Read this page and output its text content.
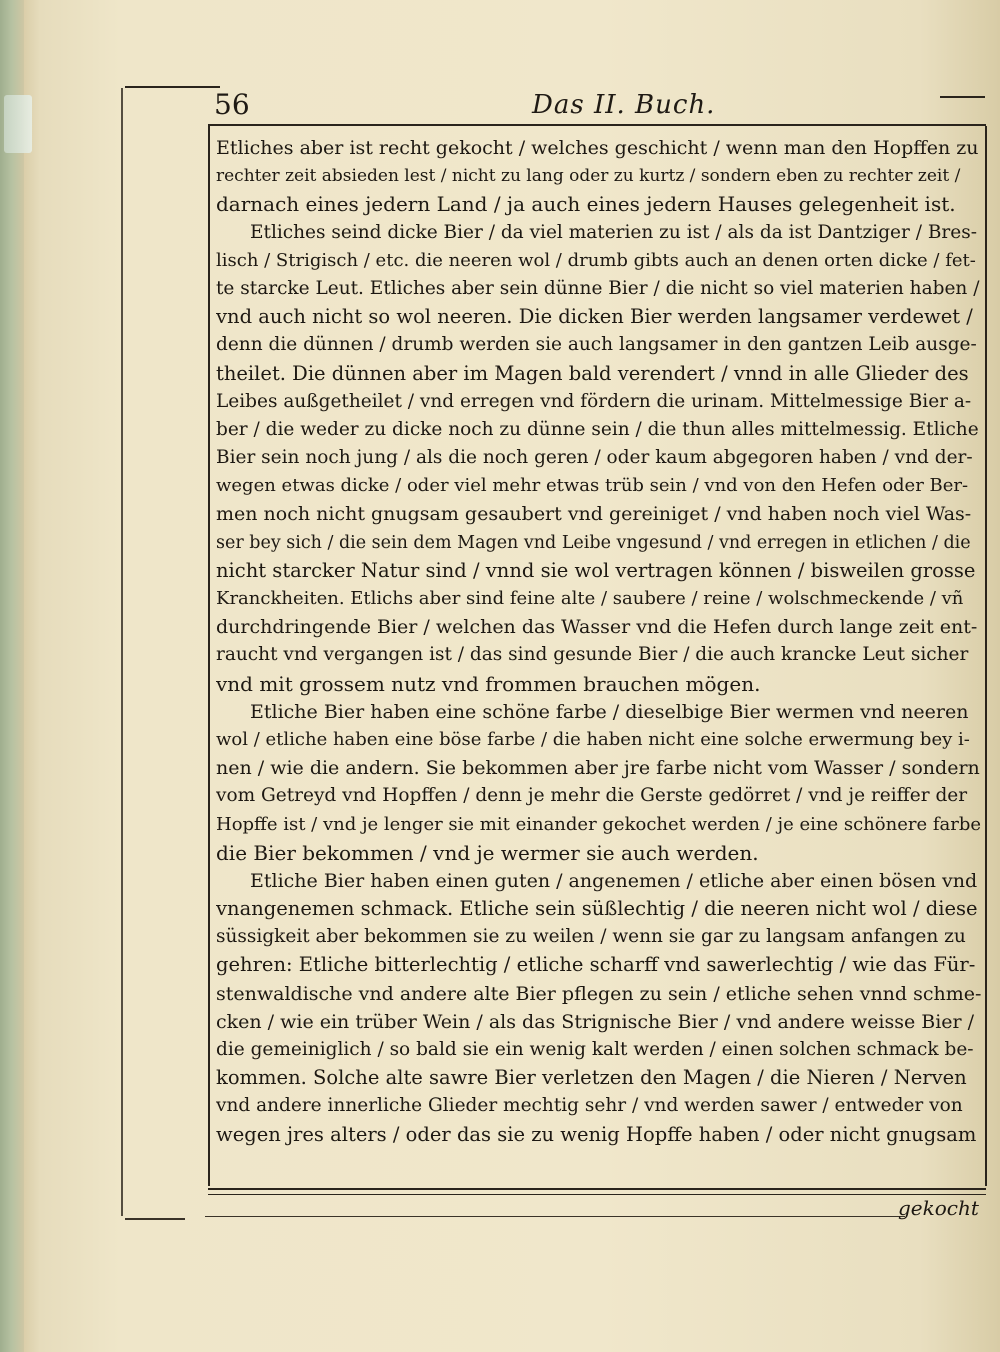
56	Das II. Buch.
Etliches aber ist recht gekocht / welches geschicht / wenn man den Hopffen zu
rechter zeit absieden lest / nicht zu lang oder zu kurtz / sondern eben zu rechter zeit /
darnach eines jedern Land / ja auch eines jedern Hauses gelegenheit ist.
Etliches seind dicke Bier / da viel materien zu ist / als da ist Dantziger / Bres-
lisch / Strigisch / etc. die neeren wol / drumb gibts auch an denen orten dicke / fet-
te starcke Leut. Etliches aber sein dünne Bier / die nicht so viel materien haben /
vnd auch nicht so wol neeren. Die dicken Bier werden langsamer verdewet /
denn die dünnen / drumb werden sie auch langsamer in den gantzen Leib ausge-
theilet. Die dünnen aber im Magen bald verendert / vnnd in alle Glieder des
Leibes außgetheilet / vnd erregen vnd fördern die urinam. Mittelmessige Bier a-
ber / die weder zu dicke noch zu dünne sein / die thun alles mittelmessig. Etliche
Bier sein noch jung / als die noch geren / oder kaum abgegoren haben / vnd der-
wegen etwas dicke / oder viel mehr etwas trüb sein / vnd von den Hefen oder Ber-
men noch nicht gnugsam gesaubert vnd gereiniget / vnd haben noch viel Was-
ser bey sich / die sein dem Magen vnd Leibe vngesund / vnd erregen in etlichen / die
nicht starcker Natur sind / vnnd sie wol vertragen können / bisweilen grosse
Kranckheiten. Etlichs aber sind feine alte / saubere / reine / wolschmeckende / vñ
durchdringende Bier / welchen das Wasser vnd die Hefen durch lange zeit ent-
raucht vnd vergangen ist / das sind gesunde Bier / die auch krancke Leut sicher
vnd mit grossem nutz vnd frommen brauchen mögen.
Etliche Bier haben eine schöne farbe / dieselbige Bier wermen vnd neeren
wol / etliche haben eine böse farbe / die haben nicht eine solche erwermung bey i-
nen / wie die andern. Sie bekommen aber jre farbe nicht vom Wasser / sondern
vom Getreyd vnd Hopffen / denn je mehr die Gerste gedörret / vnd je reiffer der
Hopffe ist / vnd je lenger sie mit einander gekochet werden / je eine schönere farbe
die Bier bekommen / vnd je wermer sie auch werden.
Etliche Bier haben einen guten / angenemen / etliche aber einen bösen vnd
vnangenemen schmack. Etliche sein süßlechtig / die neeren nicht wol / diese
süssigkeit aber bekommen sie zu weilen / wenn sie gar zu langsam anfangen zu
gehren: Etliche bitterlechtig / etliche scharff vnd sawerlechtig / wie das Für-
stenwaldische vnd andere alte Bier pflegen zu sein / etliche sehen vnnd schme-
cken / wie ein trüber Wein / als das Strignische Bier / vnd andere weisse Bier /
die gemeiniglich / so bald sie ein wenig kalt werden / einen solchen schmack be-
kommen. Solche alte sawre Bier verletzen den Magen / die Nieren / Nerven
vnd andere innerliche Glieder mechtig sehr / vnd werden sawer / entweder von
wegen jres alters / oder das sie zu wenig Hopffe haben / oder nicht gnugsam
gekocht
